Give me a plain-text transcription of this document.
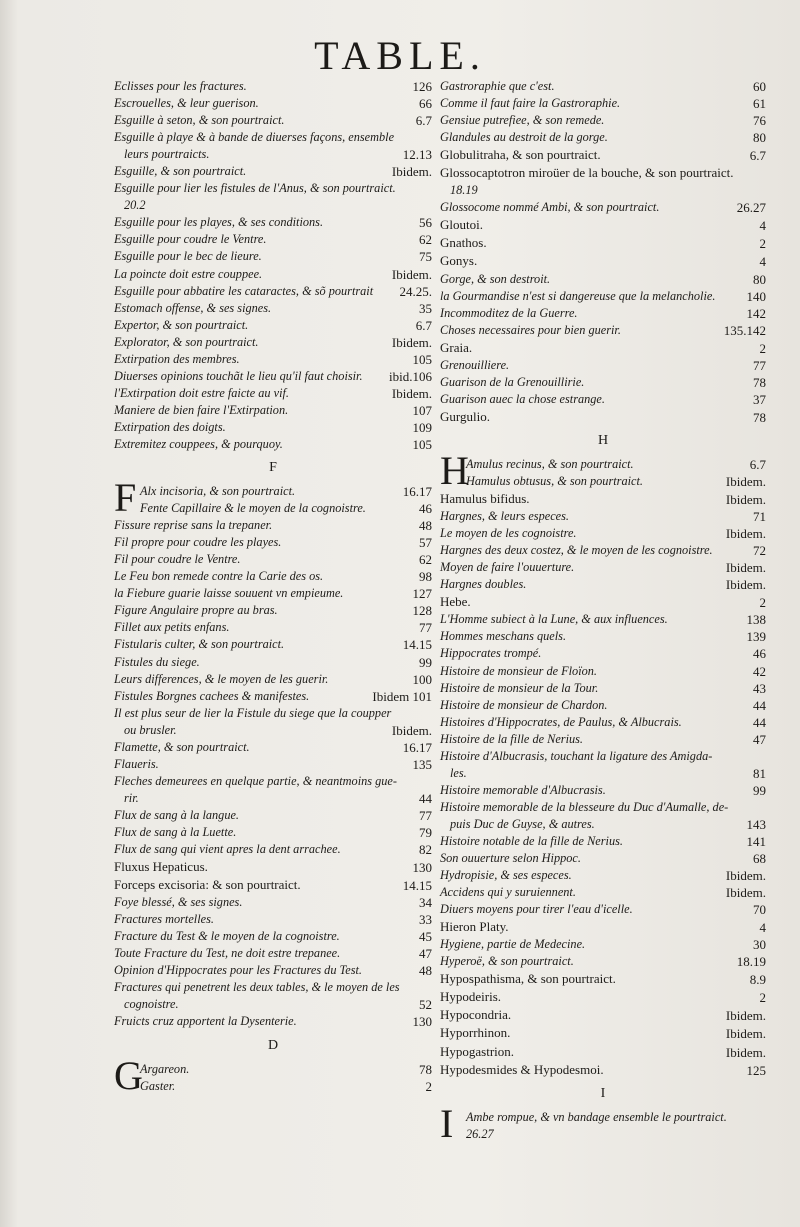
TABLE.
Eclisses pour les fractures.	126
Escrouelles, & leur guerison.	66
Esguille à seton, & son pourtraict.	6.7
Esguille à playe & à bande de diuerses façons, ensemble
leurs pourtraicts.	12.13
Esguille, & son pourtraict.	Ibidem.
Esguille pour lier les fistules de l'Anus, & son pourtraict.
20.2
Esguille pour les playes, & ses conditions.	56
Esguille pour coudre le Ventre.	62
Esguille pour le bec de lieure.	75
La poincte doit estre couppee.	Ibidem.
Esguille pour abbatire les cataractes, & sõ pourtrait 24.25.
Estomach offense, & ses signes.	35
Expertor, & son pourtraict.	6.7
Explorator, & son pourtraict.	Ibidem.
Extirpation des membres.	105
Diuerses opinions touchãt le lieu qu'il faut choisir. ibid.106
l'Extirpation doit estre faicte au vif.	Ibidem.
Maniere de bien faire l'Extirpation.	107
Extirpation des doigts.	109
Extremitez couppees, & pourquoy.	105
F
F Alx incisoria, & son pourtraict.	16.17
Fente Capillaire & le moyen de la cognoistre.	46
Fissure reprise sans la trepaner.	48
Fil propre pour coudre les playes.	57
Fil pour coudre le Ventre.	62
Le Feu bon remede contre la Carie des os.	98
la Fiebure guarie laisse souuent vn empieume.	127
Figure Angulaire propre au bras.	128
Fillet aux petits enfans.	77
Fistularis culter, & son pourtraict.	14.15
Fistules du siege.	99
Leurs differences, & le moyen de les guerir.	100
Fistules Borgnes cachees & manifestes.	Ibidem 101
Il est plus seur de lier la Fistule du siege que la coupper
ou brusler.	Ibidem.
Flamette, & son pourtraict.	16.17
Flaueris.	135
Fleches demeurees en quelque partie, & neantmoins gue-
rir.	44
Flux de sang à la langue.	77
Flux de sang à la Luette.	79
Flux de sang qui vient apres la dent arrachee.	82
Fluxus Hepaticus.	130
Forceps excisoria: & son pourtraict.	14.15
Foye blessé, & ses signes.	34
Fractures mortelles.	33
Fracture du Test & le moyen de la cognoistre.	45
Toute Fracture du Test, ne doit estre trepanee.	47
Opinion d'Hippocrates pour les Fractures du Test.	48
Fractures qui penetrent les deux tables, & le moyen de les
cognoistre.	52
Fruicts cruz apportent la Dysenterie.	130
D
G
Argareon.	78
Gaster.	2
Gastroraphie que c'est.	60
Comme il faut faire la Gastroraphie.	61
Gensiue putrefiee, & son remede.	76
Glandules au destroit de la gorge.	80
Globulitraha, & son pourtraict.	6.7
Glossocaptotron miroüer de la bouche, & son pourtraict.
18.19
Glossocome nommé Ambi, & son pourtraict.	26.27
Gloutoi.	4
Gnathos.	2
Gonys.	4
Gorge, & son destroit.	80
la Gourmandise n'est si dangereuse que la melancholie. 140
Incommoditez de la Guerre.	142
Choses necessaires pour bien guerir.	135.142
Graia.	2
Grenouilliere.	77
Guarison de la Grenouillirie.	78
Guarison auec la chose estrange.	37
Gurgulio.	78
H
H
Amulus recinus, & son pourtraict.	6.7
Hamulus obtusus, & son pourtraict.	Ibidem.
Hamulus bifidus.	Ibidem.
Hargnes, & leurs especes.	71
Le moyen de les cognoistre.	Ibidem.
Hargnes des deux costez, & le moyen de les cognoistre.	72
Moyen de faire l'ouuerture.	Ibidem.
Hargnes doubles.	Ibidem.
Hebe.	2
L'Homme subiect à la Lune, & aux influences.	138
Hommes meschans quels.	139
Hippocrates trompé.	46
Histoire de monsieur de Floïon.	42
Histoire de monsieur de la Tour.	43
Histoire de monsieur de Chardon.	44
Histoires d'Hippocrates, de Paulus, & Albucrais.	44
Histoire de la fille de Nerius.	47
Histoire d'Albucrasis, touchant la ligature des Amigda-
les.	81
Histoire memorable d'Albucrasis.	99
Histoire memorable de la blesseure du Duc d'Aumalle, de-
puis Duc de Guyse, & autres.	143
Histoire notable de la fille de Nerius.	141
Son ouuerture selon Hippoc.	68
Hydropisie, & ses especes.	Ibidem.
Accidens qui y suruiennent.	Ibidem.
Diuers moyens pour tirer l'eau d'icelle.	70
Hieron Platy.	4
Hygiene, partie de Medecine.	30
Hyperoë, & son pourtraict.	18.19
Hypospathisma, & son pourtraict.	8.9
Hypodeiris.	2
Hypocondria.	Ibidem.
Hyporrhinon.	Ibidem.
Hypogastrion.	Ibidem.
Hypodesmides & Hypodesmoi.	125
I
I Ambe rompue, & vn bandage ensemble le pourtraict.
26.27
